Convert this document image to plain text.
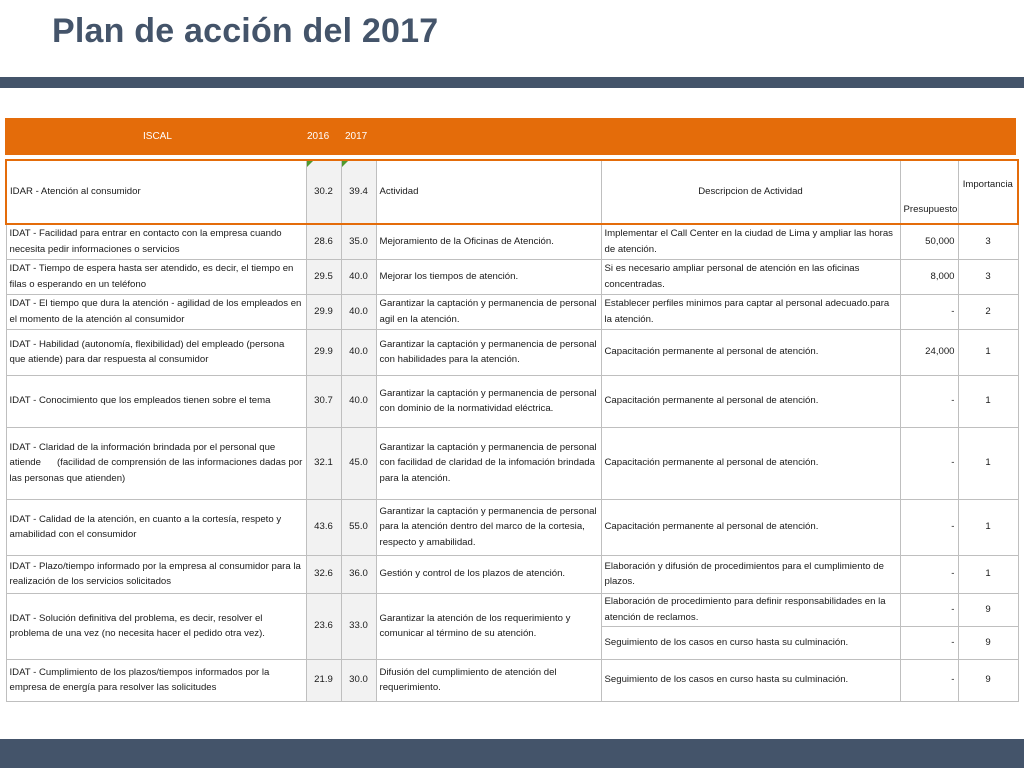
Plan de acción del 2017
ISCAL	2016 2017
IDAR - Atención al consumidor	30.2	39.4	Actividad	Descripcion de Actividad	Presupuesto	Importancia
IDAT - Facilidad para entrar en contacto con la empresa cuando necesita pedir informaciones o servicios	28.6	35.0	Mejoramiento de la Oficinas de Atención.	Implementar el Call Center en la ciudad de Lima y ampliar las horas de atención.	50,000	3
IDAT - Tiempo de espera hasta ser atendido, es decir, el tiempo en filas o esperando en un teléfono	29.5	40.0	Mejorar los tiempos de atención.	Si es necesario ampliar personal de atención en las oficinas concentradas.	8,000	3
IDAT - El tiempo que dura la atención - agilidad de los empleados en el momento de la atención al consumidor	29.9	40.0	Garantizar la captación y permanencia de personal agil en la atención.	Establecer perfiles minimos para captar al personal adecuado.para la atención.	-	2
IDAT - Habilidad (autonomía, flexibilidad) del empleado (persona que atiende) para dar respuesta al consumidor	29.9	40.0	Garantizar la captación y permanencia de personal con habilidades para la atención.	Capacitación permanente al personal de atención.	24,000	1
IDAT - Conocimiento que los empleados tienen sobre el tema	30.7	40.0	Garantizar la captación y permanencia de personal con dominio de la normatividad eléctrica.	Capacitación permanente al personal de atención.	-	1
IDAT - Claridad de la información brindada por el personal que atiende      (facilidad de comprensión de las informaciones dadas por las personas que atienden)	32.1	45.0	Garantizar la captación y permanencia de personal con facilidad de claridad de la infomación brindada para la atención.	Capacitación permanente al personal de atención.	-	1
IDAT - Calidad de la atención, en cuanto a la cortesía, respeto y amabilidad con el consumidor	43.6	55.0	Garantizar la captación y permanencia de personal para la atención dentro del marco de la cortesia, respecto y amabilidad.	Capacitación permanente al personal de atención.	-	1
IDAT - Plazo/tiempo informado por la empresa al consumidor para la realización de los servicios solicitados	32.6	36.0	Gestión y control de los plazos de atención.	Elaboración y difusión de procedimientos para el cumplimiento de plazos.	-	1
IDAT - Solución definitiva del problema, es decir, resolver el problema de una vez (no necesita hacer el pedido otra vez).	23.6	33.0	Garantizar la atención de los requerimiento y comunicar al término de su atención.	Elaboración de procedimiento para definir responsabilidades en la atención de reclamos.	-	9
				Seguimiento de los casos en curso hasta su culminación.	-	9
IDAT - Cumplimiento de los plazos/tiempos informados por la empresa de energía para resolver las solicitudes	21.9	30.0	Difusión del cumplimiento de atención del requerimiento.	Seguimiento de los casos en curso hasta su culminación.	-	9
